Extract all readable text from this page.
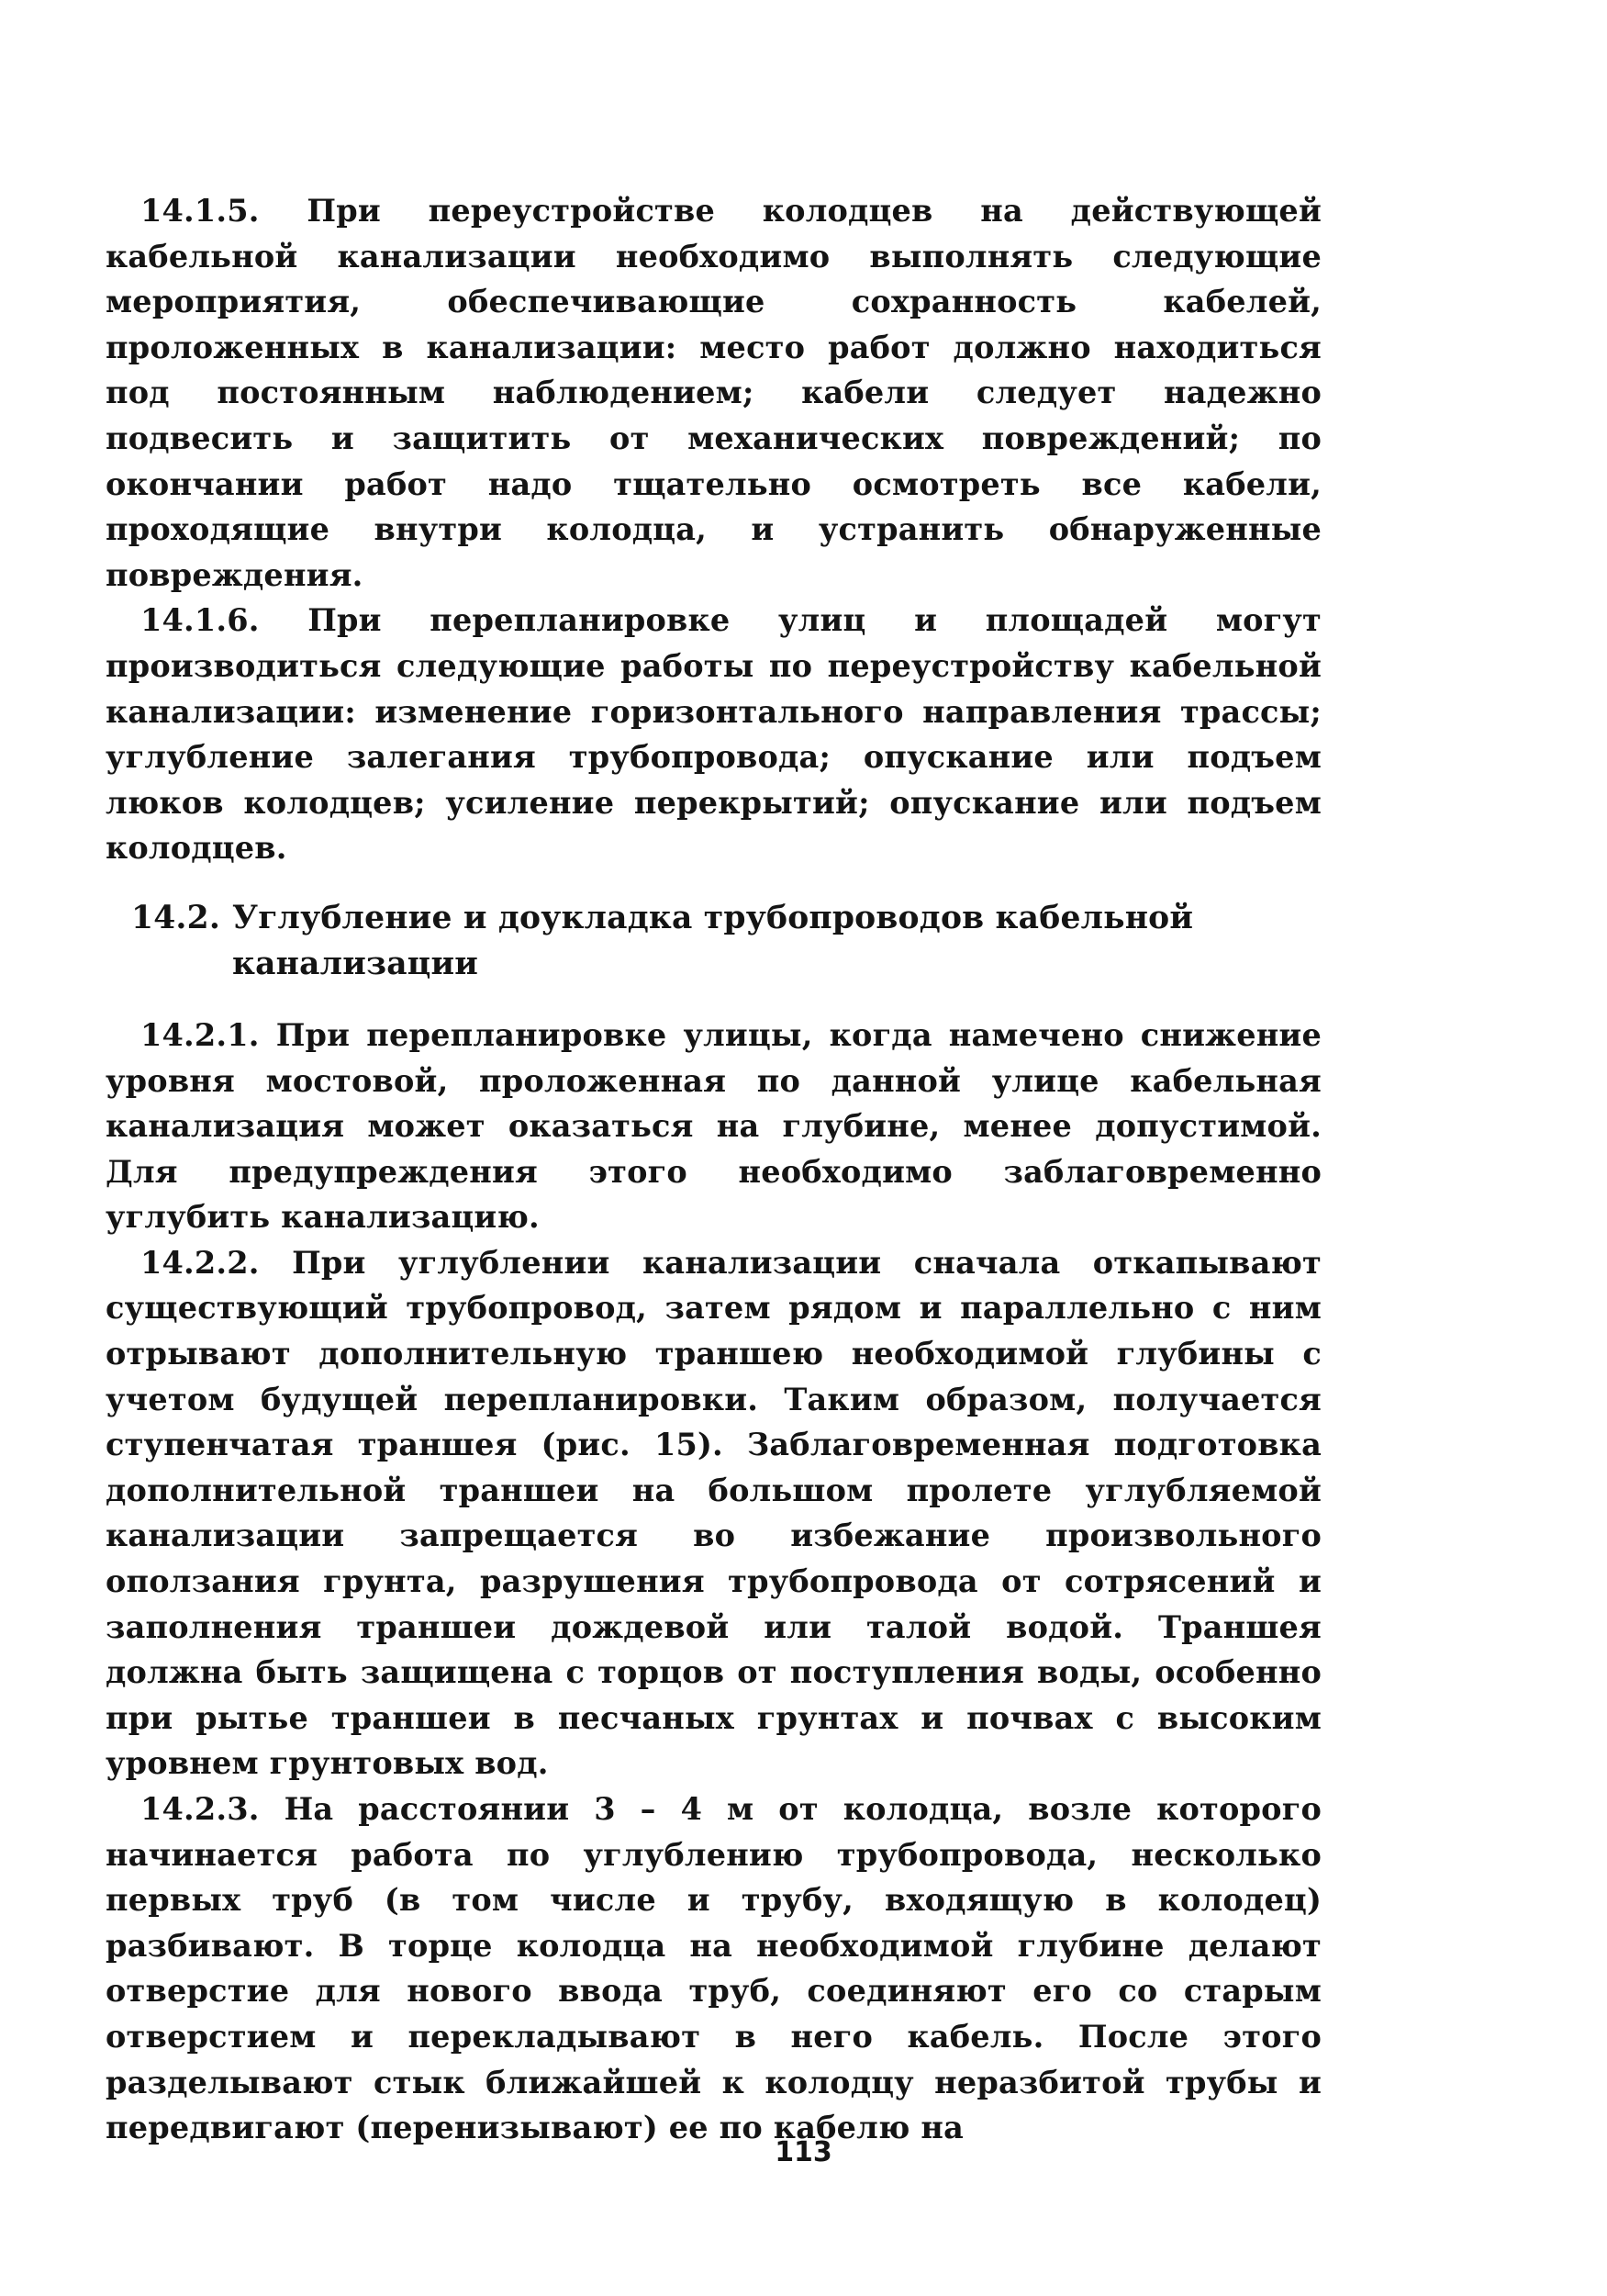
14.1.5. При переустройстве колодцев на действующей кабельной канализации необходимо выполнять следующие мероприятия, обеспечивающие сохранность кабелей, проложенных в канализации: место работ должно находиться под постоянным наблюдением; кабели следует надежно подвесить и защитить от механических повреждений; по окончании работ надо тщательно осмотреть все кабели, проходящие внутри колодца, и устранить обнаруженные повреждения.

14.1.6. При перепланировке улиц и площадей могут производиться следующие работы по переустройству кабельной канализации: изменение горизонтального направления трассы; углубление залегания трубопровода; опускание или подъем люков колодцев; усиление перекрытий; опускание или подъем колодцев.

14.2. Углубление и доукладка трубопроводов кабельной канализации

14.2.1. При перепланировке улицы, когда намечено снижение уровня мостовой, проложенная по данной улице кабельная канализация может оказаться на глубине, менее допустимой. Для предупреждения этого необходимо заблаговременно углубить канализацию.

14.2.2. При углублении канализации сначала откапывают существующий трубопровод, затем рядом и параллельно с ним отрывают дополнительную траншею необходимой глубины с учетом будущей перепланировки. Таким образом, получается ступенчатая траншея (рис. 15). Заблаговременная подготовка дополнительной траншеи на большом пролете углубляемой канализации запрещается во избежание произвольного оползания грунта, разрушения трубопровода от сотрясений и заполнения траншеи дождевой или талой водой. Траншея должна быть защищена с торцов от поступления воды, особенно при рытье траншеи в песчаных грунтах и почвах с высоким уровнем грунтовых вод.

14.2.3. На расстоянии 3 – 4 м от колодца, возле которого начинается работа по углублению трубопровода, несколько первых труб (в том числе и трубу, входящую в колодец) разбивают. В торце колодца на необходимой глубине делают отверстие для нового ввода труб, соединяют его со старым отверстием и перекладывают в него кабель. После этого разделывают стык ближайшей к колодцу неразбитой трубы и передвигают (перенизывают) ее по кабелю на

113
